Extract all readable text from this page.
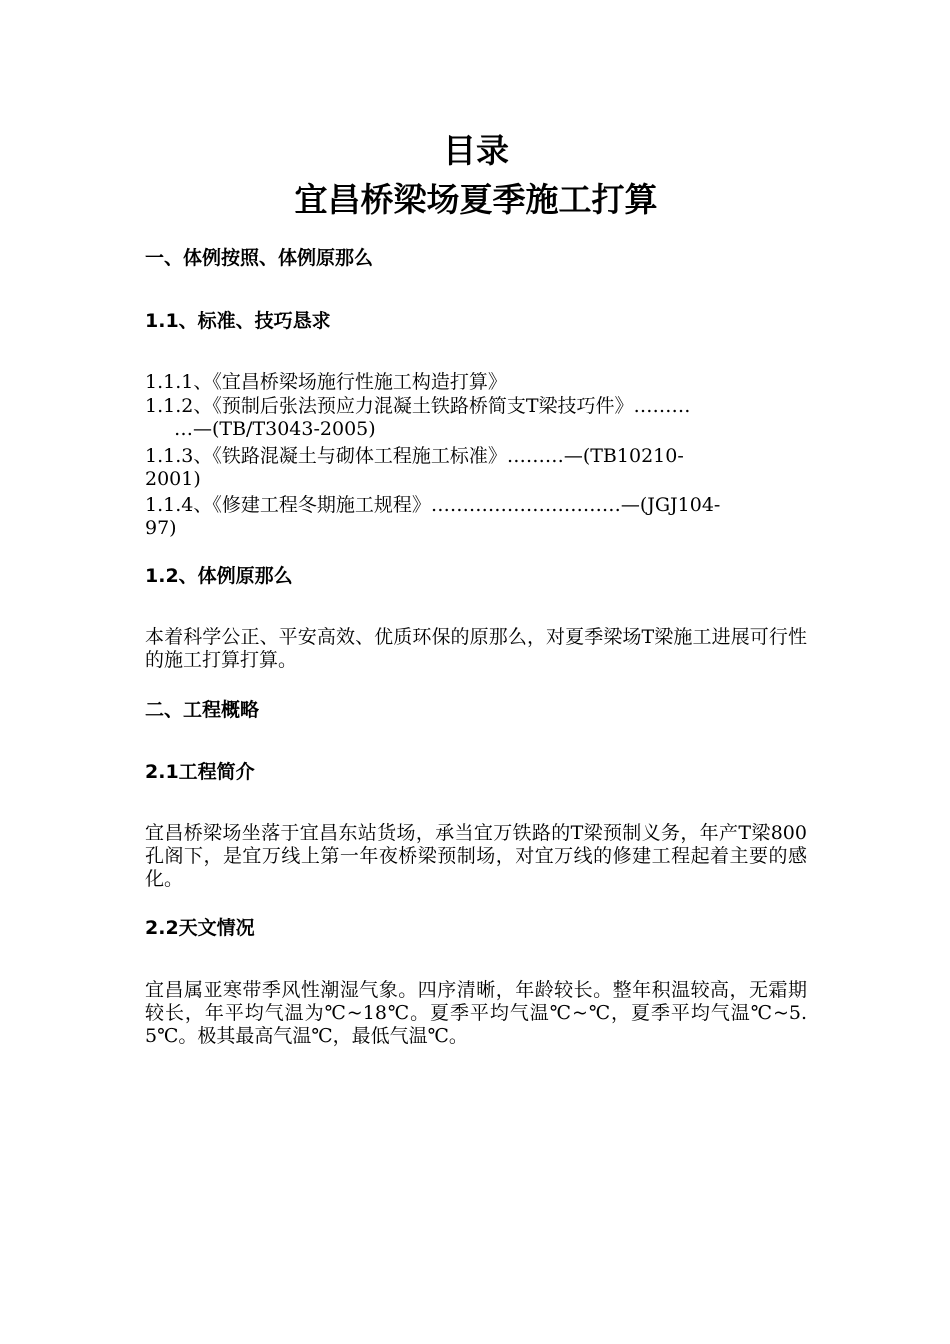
目录
宜昌桥梁场夏季施工打算
一、体例按照、体例原那么
1.1、标准、技巧恳求
1.1.1、《宜昌桥梁场施行性施工构造打算》
1.1.2、《预制后张法预应力混凝土铁路桥简支T梁技巧件》………
…—(TB/T3043-2005)
1.1.3、《铁路混凝土与砌体工程施工标准》………—(TB10210-
2001)
1.1.4、《修建工程冬期施工规程》…………………………—(JGJ104-
97)
1.2、体例原那么
本着科学公正、平安高效、优质环保的原那么，对夏季梁场T梁施工进展可行性的施工打算打算。
二、工程概略
2.1工程简介
宜昌桥梁场坐落于宜昌东站货场，承当宜万铁路的T梁预制义务，年产T梁800孔阁下，是宜万线上第一年夜桥梁预制场，对宜万线的修建工程起着主要的感化。
2.2天文情况
宜昌属亚寒带季风性潮湿气象。四序清晰，年龄较长。整年积温较高，无霜期较长，年平均气温为℃~18℃。夏季平均气温℃~℃，夏季平均气温℃~5.5℃。极其最高气温℃，最低气温℃。
